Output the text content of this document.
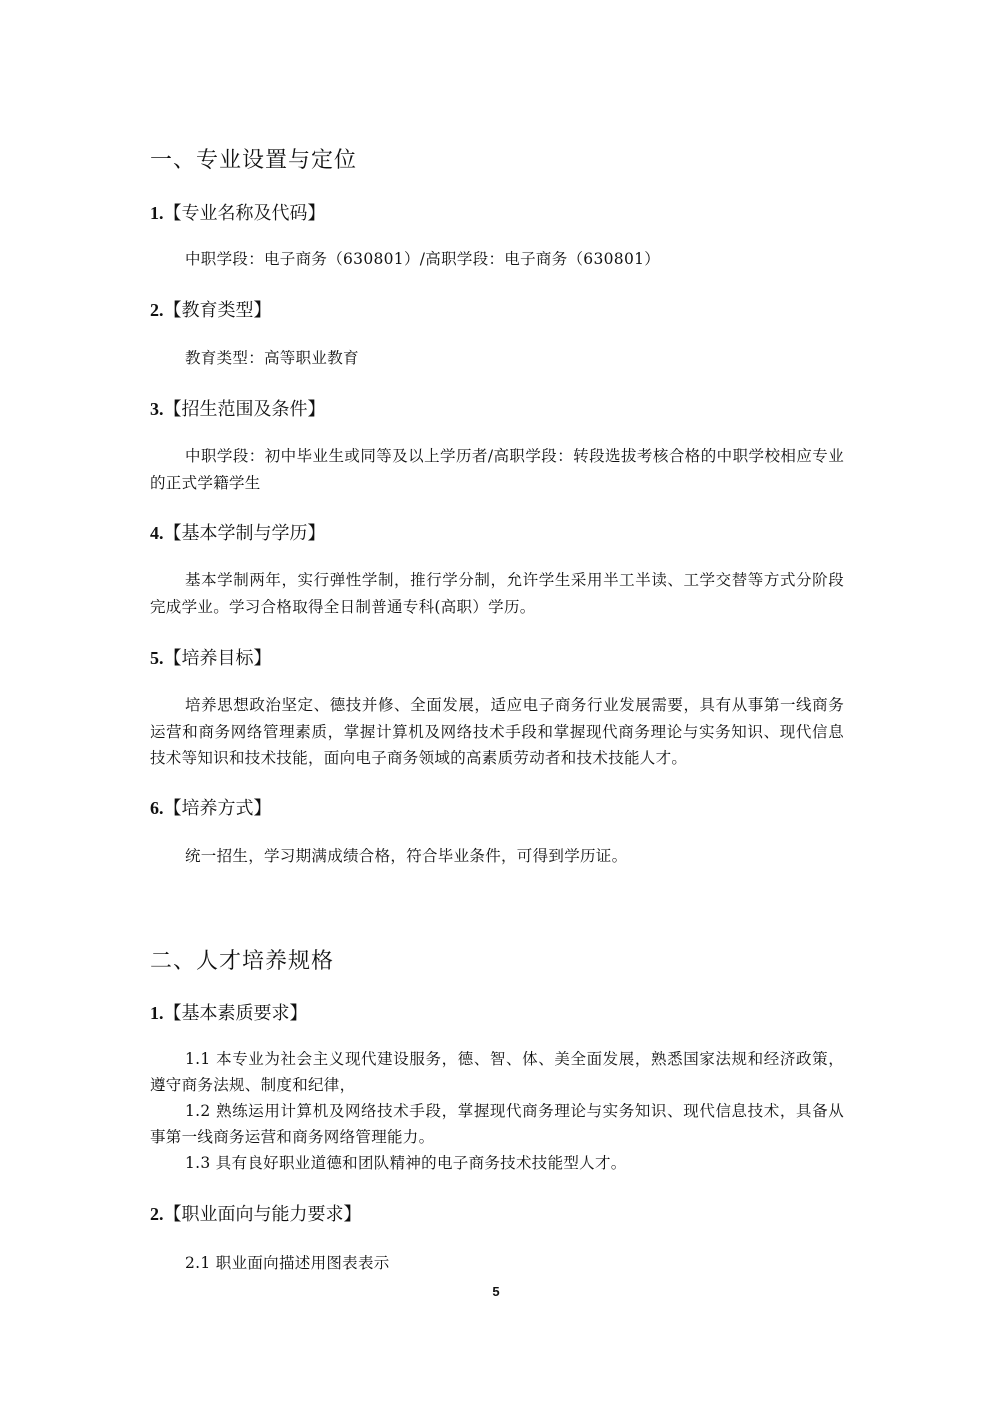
一、专业设置与定位
1.【专业名称及代码】

中职学段：电子商务（630801）/高职学段：电子商务（630801）

2.【教育类型】

教育类型：高等职业教育

3.【招生范围及条件】

中职学段：初中毕业生或同等及以上学历者/高职学段：转段选拔考核合格的中职学校相应专业的正式学籍学生

4.【基本学制与学历】

基本学制两年，实行弹性学制，推行学分制，允许学生采用半工半读、工学交替等方式分阶段完成学业。学习合格取得全日制普通专科(高职）学历。

5.【培养目标】

培养思想政治坚定、德技并修、全面发展，适应电子商务行业发展需要，具有从事第一线商务运营和商务网络管理素质，掌握计算机及网络技术手段和掌握现代商务理论与实务知识、现代信息技术等知识和技术技能，面向电子商务领域的高素质劳动者和技术技能人才。

6.【培养方式】

统一招生，学习期满成绩合格，符合毕业条件，可得到学历证。

二、人才培养规格
1.【基本素质要求】

1.1 本专业为社会主义现代建设服务，德、智、体、美全面发展，熟悉国家法规和经济政策，遵守商务法规、制度和纪律，

1.2 熟练运用计算机及网络技术手段，掌握现代商务理论与实务知识、现代信息技术，具备从事第一线商务运营和商务网络管理能力。

1.3 具有良好职业道德和团队精神的电子商务技术技能型人才。

2.【职业面向与能力要求】

2.1 职业面向描述用图表表示

5
